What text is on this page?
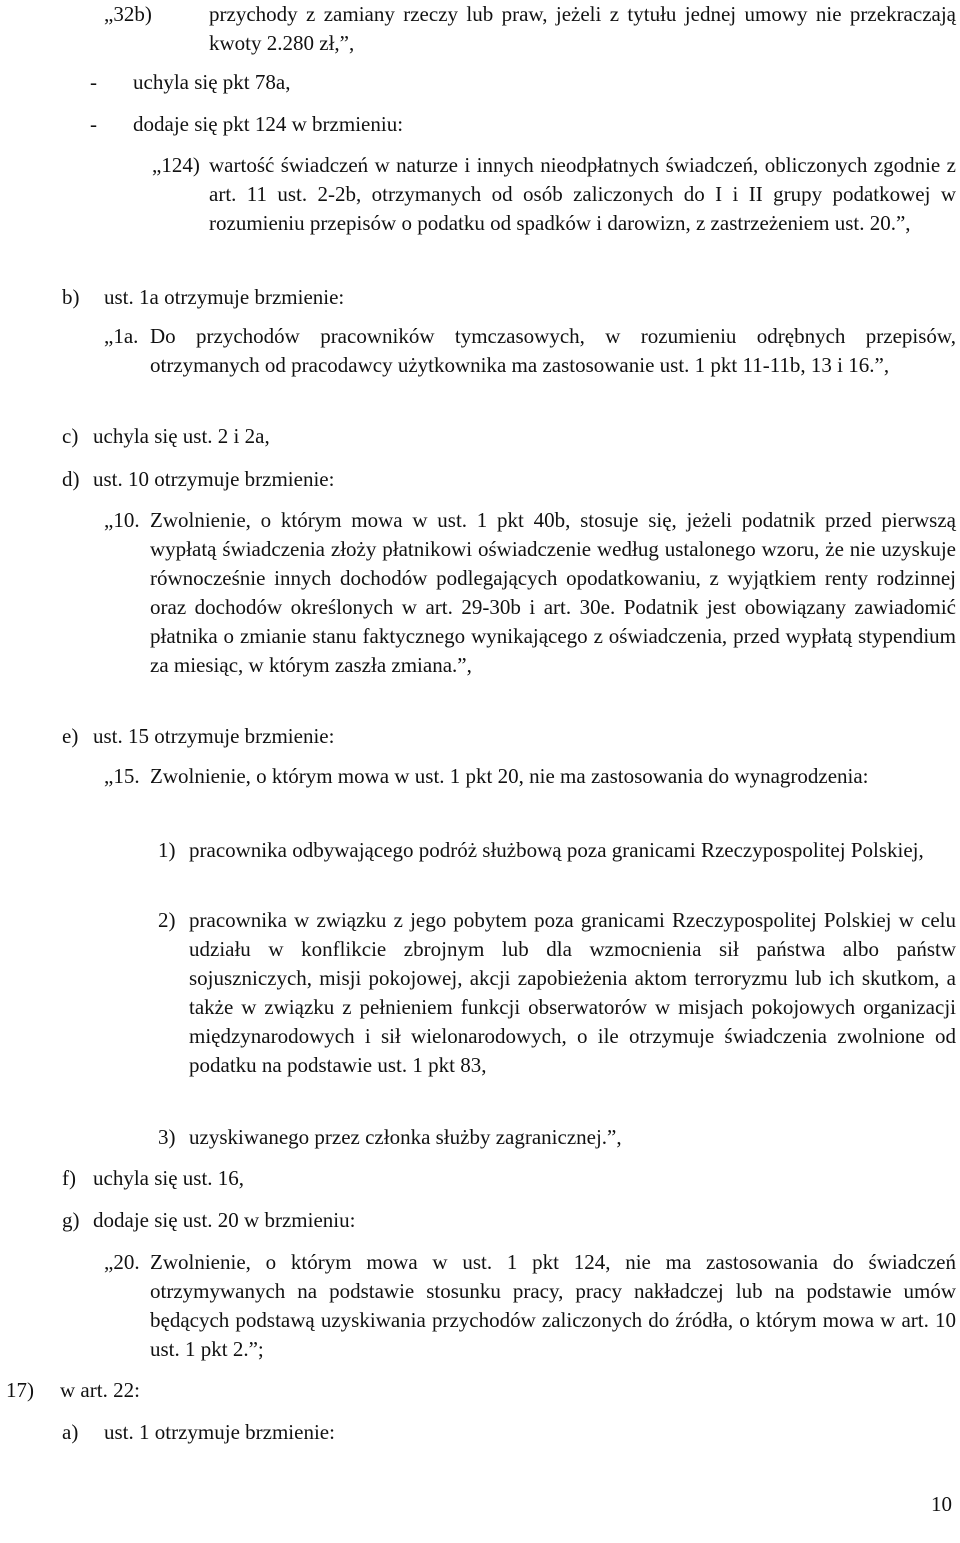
„32b)	przychody z zamiany rzeczy lub praw, jeżeli z tytułu jednej umowy nie przekraczają kwoty 2.280 zł,”,
- uchyla się pkt 78a,
- dodaje się pkt 124 w brzmieniu:
„124) wartość świadczeń w naturze i innych nieodpłatnych świadczeń, obliczonych zgodnie z art. 11 ust. 2-2b, otrzymanych od osób zaliczonych do I i II grupy podatkowej w rozumieniu przepisów o podatku od spadków i darowizn, z zastrzeżeniem ust. 20.”,
b) ust. 1a otrzymuje brzmienie:
„1a. Do przychodów pracowników tymczasowych, w rozumieniu odrębnych przepisów, otrzymanych od pracodawcy użytkownika ma zastosowanie ust. 1 pkt 11-11b, 13 i 16.”,
c) uchyla się ust. 2 i 2a,
d) ust. 10 otrzymuje brzmienie:
„10. Zwolnienie, o którym mowa w ust. 1 pkt 40b, stosuje się, jeżeli podatnik przed pierwszą wypłatą świadczenia złoży płatnikowi oświadczenie według ustalonego wzoru, że nie uzyskuje równocześnie innych dochodów podlegających opodatkowaniu, z wyjątkiem renty rodzinnej oraz dochodów określonych w art. 29-30b i art. 30e. Podatnik jest obowiązany zawiadomić płatnika o zmianie stanu faktycznego wynikającego z oświadczenia, przed wypłatą stypendium za miesiąc, w którym zaszła zmiana.”,
e) ust. 15 otrzymuje brzmienie:
„15. Zwolnienie, o którym mowa w ust. 1 pkt 20, nie ma zastosowania do wynagrodzenia:
1) pracownika odbywającego podróż służbową poza granicami Rzeczypospolitej Polskiej,
2) pracownika w związku z jego pobytem poza granicami Rzeczypospolitej Polskiej w celu udziału w konflikcie zbrojnym lub dla wzmocnienia sił państwa albo państw sojuszniczych, misji pokojowej, akcji zapobieżenia aktom terroryzmu lub ich skutkom, a także w związku z pełnieniem funkcji obserwatorów w misjach pokojowych organizacji międzynarodowych i sił wielonarodowych, o ile otrzymuje świadczenia zwolnione od podatku na podstawie ust. 1 pkt 83,
3) uzyskiwanego przez członka służby zagranicznej.”,
f) uchyla się ust. 16,
g) dodaje się ust. 20 w brzmieniu:
„20. Zwolnienie, o którym mowa w ust. 1 pkt 124, nie ma zastosowania do świadczeń otrzymywanych na podstawie stosunku pracy, pracy nakładczej lub na podstawie umów będących podstawą uzyskiwania przychodów zaliczonych do źródła, o którym mowa w art. 10 ust. 1 pkt 2.”;
17) w art. 22:
a) ust. 1 otrzymuje brzmienie:
10
